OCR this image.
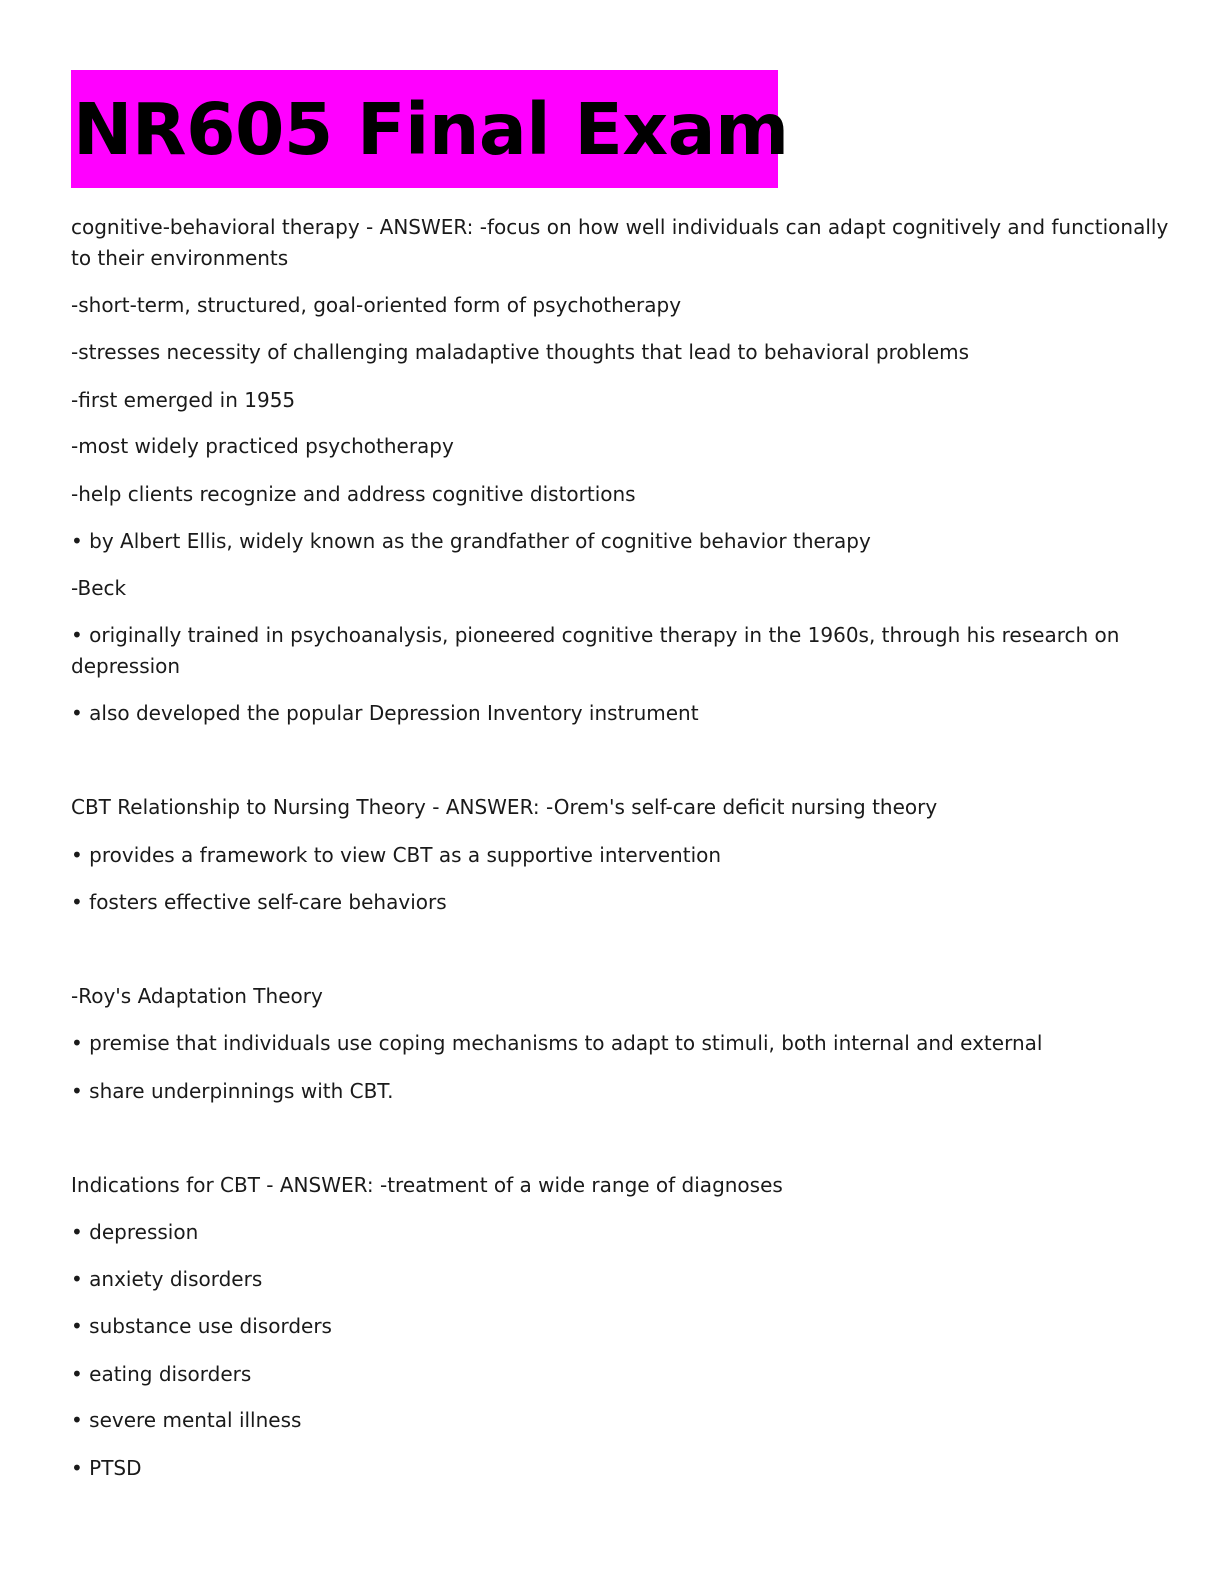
NR605 Final Exam
cognitive-behavioral therapy - ANSWER: -focus on how well individuals can adapt cognitively and functionally
to their environments
-short-term, structured, goal-oriented form of psychotherapy
-stresses necessity of challenging maladaptive thoughts that lead to behavioral problems
-first emerged in 1955
-most widely practiced psychotherapy
-help clients recognize and address cognitive distortions
• by Albert Ellis, widely known as the grandfather of cognitive behavior therapy
-Beck
• originally trained in psychoanalysis, pioneered cognitive therapy in the 1960s, through his research on
depression
• also developed the popular Depression Inventory instrument
CBT Relationship to Nursing Theory - ANSWER: -Orem's self-care deficit nursing theory
• provides a framework to view CBT as a supportive intervention
• fosters effective self-care behaviors
-Roy's Adaptation Theory
• premise that individuals use coping mechanisms to adapt to stimuli, both internal and external
• share underpinnings with CBT.
Indications for CBT - ANSWER: -treatment of a wide range of diagnoses
• depression
• anxiety disorders
• substance use disorders
• eating disorders
• severe mental illness
• PTSD
